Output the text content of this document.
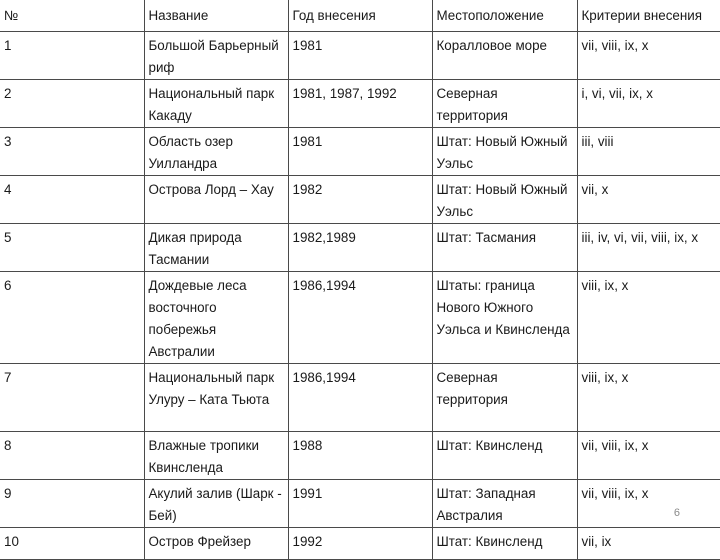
№	Название	Год внесения	Местоположение	Критерии внесения
1	Большой Барьерный риф	1981	Коралловое море	vii, viii, ix, x
2	Национальный парк Какаду	1981, 1987, 1992	Северная территория	i, vi, vii, ix, x
3	Область озер Уилландра	1981	Штат: Новый Южный Уэльс	iii, viii
4	Острова Лорд – Хау	1982	Штат: Новый Южный Уэльс	vii, x
5	Дикая природа Тасмании	1982,1989	Штат: Тасмания	iii, iv, vi, vii, viii, ix, x
6	Дождевые леса восточного побережья Австралии	1986,1994	Штаты: граница Нового Южного Уэльса и Квинсленда	viii, ix, x
7	Национальный парк Улуру – Ката Тьюта	1986,1994	Северная территория	viii, ix, x
8	Влажные тропики Квинсленда	1988	Штат: Квинсленд	vii, viii, ix, x
9	Акулий залив (Шарк - Бей)	1991	Штат: Западная Австралия	vii, viii, ix, x
10	Остров Фрейзер	1992	Штат: Квинсленд	vii, ix
6
